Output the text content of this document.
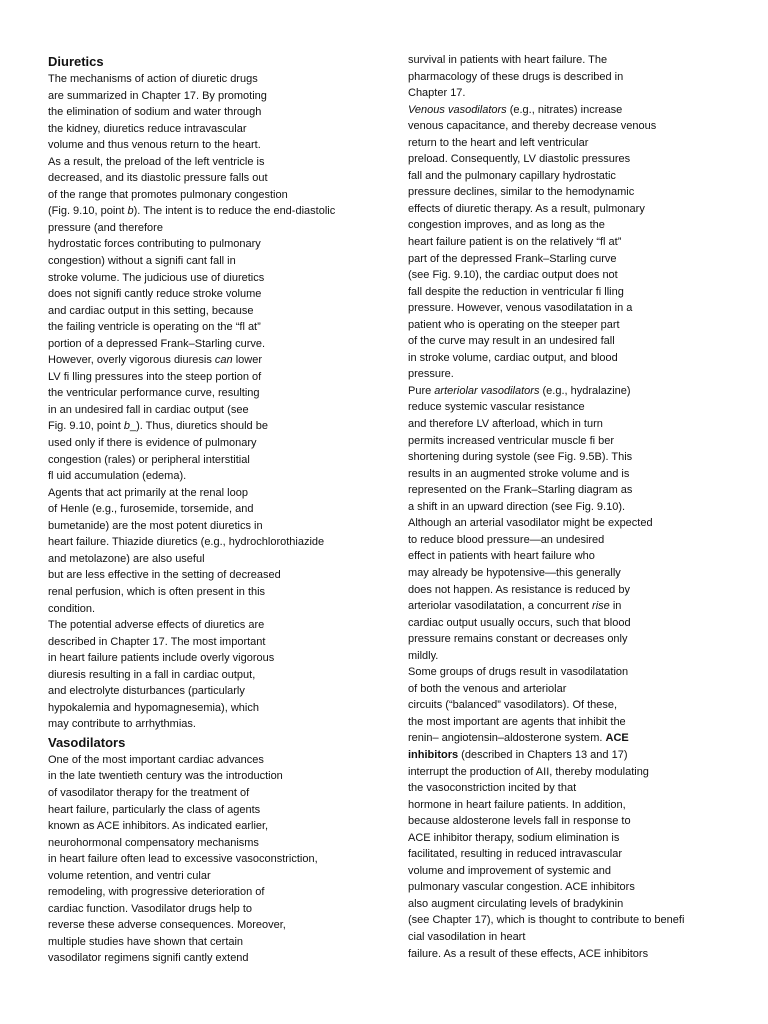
Diuretics
The mechanisms of action of diuretic drugs
are summarized in Chapter 17. By promoting
the elimination of sodium and water through
the kidney, diuretics reduce intravascular
volume and thus venous return to the heart.
As a result, the preload of the left ventricle is
decreased, and its diastolic pressure falls out
of the range that promotes pulmonary congestion
(Fig. 9.10, point b). The intent is to reduce the end-diastolic
pressure (and therefore
hydrostatic forces contributing to pulmonary
congestion) without a signifi cant fall in
stroke volume. The judicious use of diuretics
does not signifi cantly reduce stroke volume
and cardiac output in this setting, because
the failing ventricle is operating on the “fl at”
portion of a depressed Frank–Starling curve.
However, overly vigorous diuresis can lower
LV fi lling pressures into the steep portion of
the ventricular performance curve, resulting
in an undesired fall in cardiac output (see
Fig. 9.10, point b_). Thus, diuretics should be
used only if there is evidence of pulmonary
congestion (rales) or peripheral interstitial
fl uid accumulation (edema).
Agents that act primarily at the renal loop
of Henle (e.g., furosemide, torsemide, and
bumetanide) are the most potent diuretics in
heart failure. Thiazide diuretics (e.g., hydrochlorothiazide
and metolazone) are also useful
but are less effective in the setting of decreased
renal perfusion, which is often present in this
condition.
The potential adverse effects of diuretics are
described in Chapter 17. The most important
in heart failure patients include overly vigorous
diuresis resulting in a fall in cardiac output,
and electrolyte disturbances (particularly
hypokalemia and hypomagnesemia), which
may contribute to arrhythmias.
Vasodilators
One of the most important cardiac advances
in the late twentieth century was the introduction
of vasodilator therapy for the treatment of
heart failure, particularly the class of agents
known as ACE inhibitors. As indicated earlier,
neurohormonal compensatory mechanisms
in heart failure often lead to excessive vasoconstriction,
volume retention, and ventri cular
remodeling, with progressive deterioration of
cardiac function. Vasodilator drugs help to
reverse these adverse consequences. Moreover,
multiple studies have shown that certain
vasodilator regimens signifi cantly extend
survival in patients with heart failure. The
pharmacology of these drugs is described in
Chapter 17.
Venous vasodilators (e.g., nitrates) increase
venous capacitance, and thereby decrease venous
return to the heart and left ventricular
preload. Consequently, LV diastolic pressures
fall and the pulmonary capillary hydrostatic
pressure declines, similar to the hemodynamic
effects of diuretic therapy. As a result, pulmonary
congestion improves, and as long as the
heart failure patient is on the relatively “fl at”
part of the depressed Frank–Starling curve
(see Fig. 9.10), the cardiac output does not
fall despite the reduction in ventricular fi lling
pressure. However, venous vasodilatation in a
patient who is operating on the steeper part
of the curve may result in an undesired fall
in stroke volume, cardiac output, and blood
pressure.
Pure arteriolar vasodilators (e.g., hydralazine)
reduce systemic vascular resistance
and therefore LV afterload, which in turn
permits increased ventricular muscle fi ber
shortening during systole (see Fig. 9.5B). This
results in an augmented stroke volume and is
represented on the Frank–Starling diagram as
a shift in an upward direction (see Fig. 9.10).
Although an arterial vasodilator might be expected
to reduce blood pressure—an undesired
effect in patients with heart failure who
may already be hypotensive—this generally
does not happen. As resistance is reduced by
arteriolar vasodilatation, a concurrent rise in
cardiac output usually occurs, such that blood
pressure remains constant or decreases only
mildly.
Some groups of drugs result in vasodilatation
of both the venous and arteriolar
circuits (“balanced” vasodilators). Of these,
the most important are agents that inhibit the
renin– angiotensin–aldosterone system. ACE
inhibitors (described in Chapters 13 and 17)
interrupt the production of AII, thereby modulating
the vasoconstriction incited by that
hormone in heart failure patients. In addition,
because aldosterone levels fall in response to
ACE inhibitor therapy, sodium elimination is
facilitated, resulting in reduced intravascular
volume and improvement of systemic and
pulmonary vascular congestion. ACE inhibitors
also augment circulating levels of bradykinin
(see Chapter 17), which is thought to contribute to benefi
cial vasodilation in heart
failure. As a result of these effects, ACE inhibitors
